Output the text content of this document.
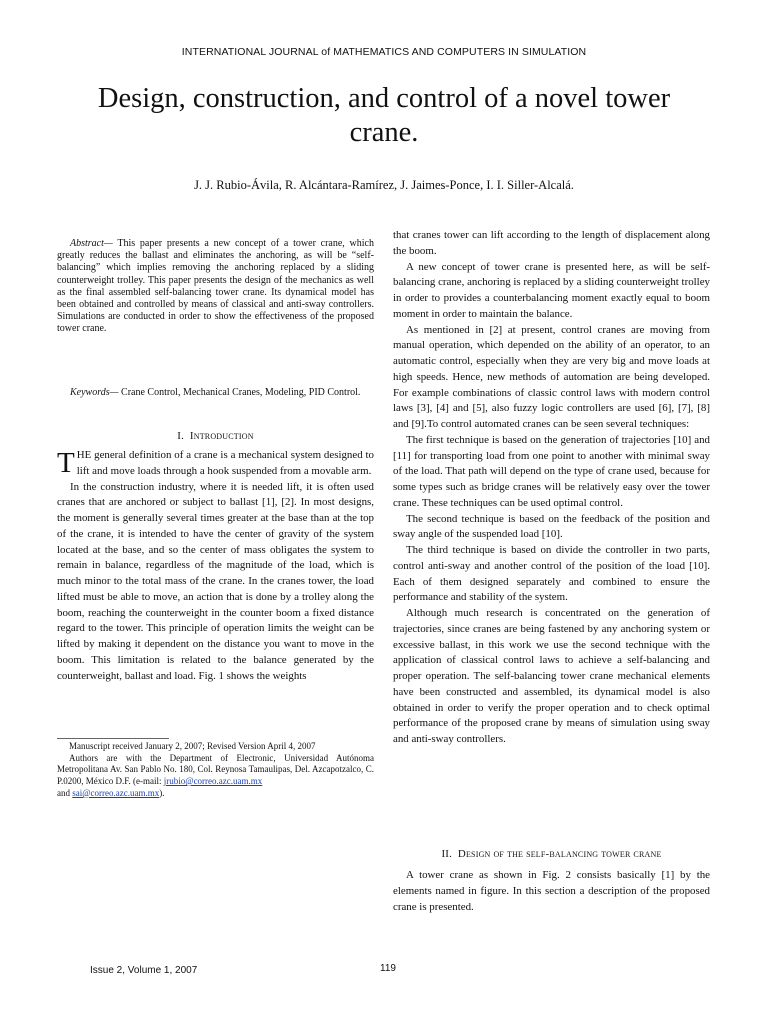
INTERNATIONAL JOURNAL of MATHEMATICS AND COMPUTERS IN SIMULATION
Design, construction, and control of a novel tower crane.
J. J. Rubio-Ávila, R. Alcántara-Ramírez, J. Jaimes-Ponce, I. I. Siller-Alcalá.
Abstract— This paper presents a new concept of a tower crane, which greatly reduces the ballast and eliminates the anchoring, as will be “self-balancing” which implies removing the anchoring replaced by a sliding counterweight trolley. This paper presents the design of the mechanics as well as the final assembled self-balancing tower crane. Its dynamical model has been obtained and controlled by means of classical and anti-sway controllers. Simulations are conducted in order to show the effectiveness of the proposed tower crane.
Keywords— Crane Control, Mechanical Cranes, Modeling, PID Control.
I. Introduction

THE general definition of a crane is a mechanical system designed to lift and move loads through a hook suspended from a movable arm.

In the construction industry, where it is needed lift, it is often used cranes that are anchored or subject to ballast [1], [2]. In most designs, the moment is generally several times greater at the base than at the top of the crane, it is intended to have the center of gravity of the system located at the base, and so the center of mass obligates the system to remain in balance, regardless of the magnitude of the load, which is much minor to the total mass of the crane. In the cranes tower, the load lifted must be able to move, an action that is done by a trolley along the boom, reaching the counterweight in the counter boom a fixed distance regard to the tower. This principle of operation limits the weight can be lifted by making it dependent on the distance you want to move in the boom. This limitation is related to the balance generated by the counterweight, ballast and load. Fig. 1 shows the weights

Manuscript received January 2, 2007; Revised Version April 4, 2007
Authors are with the Department of Electronic, Universidad Autónoma Metropolitana Av. San Pablo No. 180, Col. Reynosa Tamaulipas, Del. Azcapotzalco, C. P.0200, México D.F. (e-mail: jrubio@correo.azc.uam.mx
and sai@correo.azc.uam.mx).

that cranes tower can lift according to the length of displacement along the boom.

A new concept of tower crane is presented here, as will be self-balancing crane, anchoring is replaced by a sliding counterweight trolley in order to provides a counterbalancing moment exactly equal to boom moment in order to maintain the balance.

As mentioned in [2] at present, control cranes are moving from manual operation, which depended on the ability of an operator, to an automatic control, especially when they are very big and move loads at high speeds. Hence, new methods of automation are being developed. For example combinations of classic control laws with modern control laws [3], [4] and [5], also fuzzy logic controllers are used [6], [7], [8] and [9].To control automated cranes can be seen several techniques:

The first technique is based on the generation of trajectories [10] and [11] for transporting load from one point to another with minimal sway of the load. That path will depend on the type of crane used, because for some types such as bridge cranes will be relatively easy over the tower crane. These techniques can be used optimal control.

The second technique is based on the feedback of the position and sway angle of the suspended load [10].

The third technique is based on divide the controller in two parts, control anti-sway and another control of the position of the load [10]. Each of them designed separately and combined to ensure the performance and stability of the system.

Although much research is concentrated on the generation of trajectories, since cranes are being fastened by any anchoring system or excessive ballast, in this work we use the second technique with the application of classical control laws to achieve a self-balancing and proper operation. The self-balancing tower crane mechanical elements have been constructed and assembled, its dynamical model is also obtained in order to verify the proper operation and to check optimal performance of the proposed crane by means of simulation using sway and anti-sway controllers.

II. Design of the self-balancing tower crane
A tower crane as shown in Fig. 2 consists basically [1] by the elements named in figure. In this section a description of the proposed crane is presented.
Issue 2, Volume 1, 2007	119
